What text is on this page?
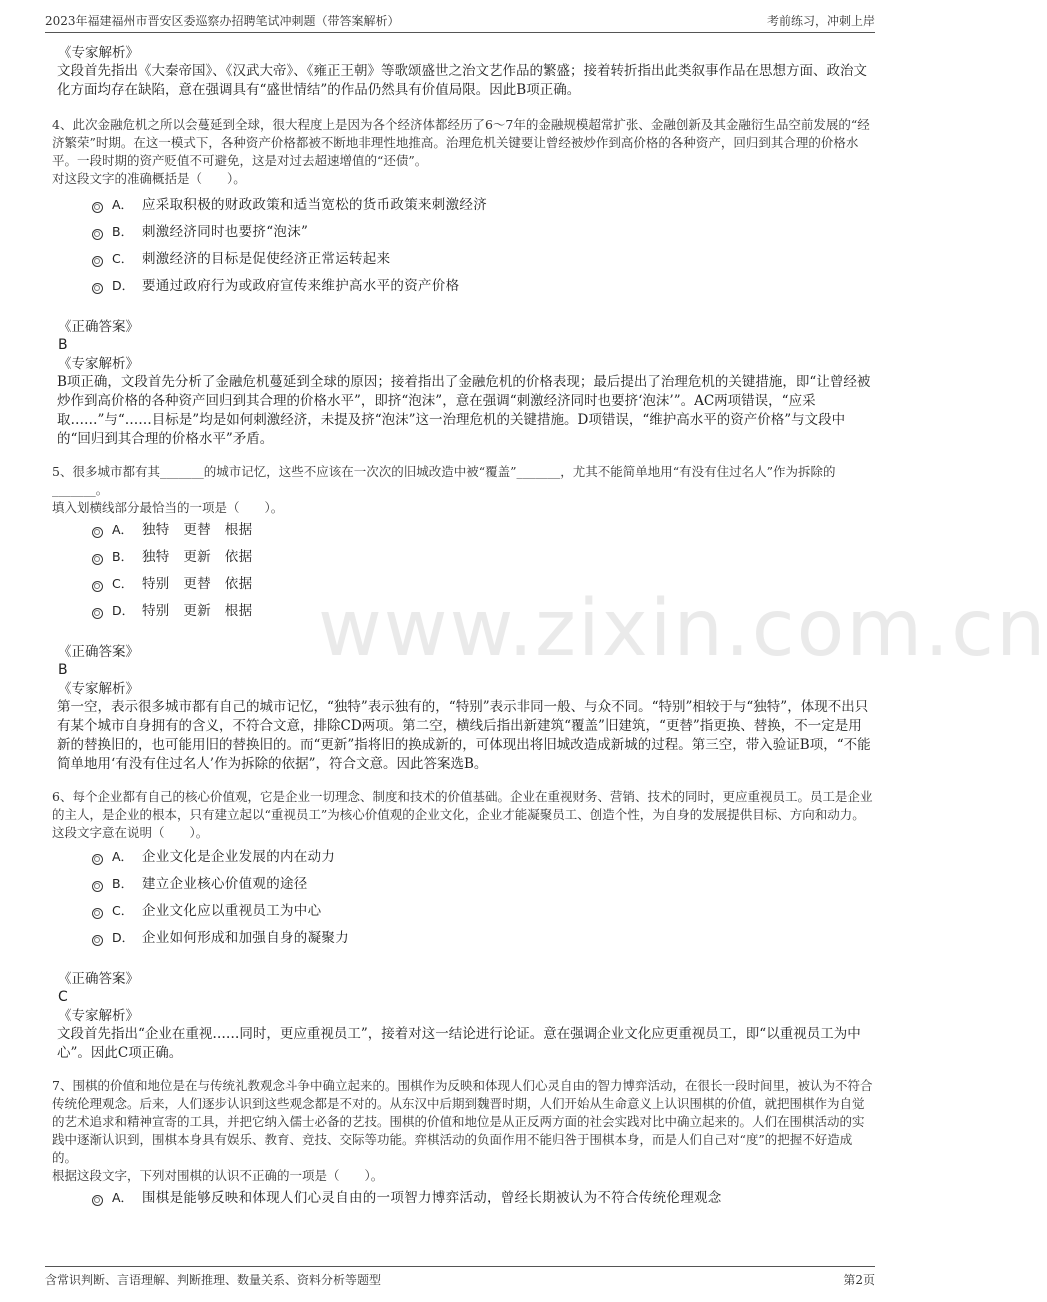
2023年福建福州市晋安区委巡察办招聘笔试冲刺题（带答案解析）	考前练习，冲刺上岸
www.zixin.com.cn
《专家解析》
文段首先指出《大秦帝国》、《汉武大帝》、《雍正王朝》等歌颂盛世之治文艺作品的繁盛；接着转折指出此类叙事作品在思想方面、政治文化方面均存在缺陷，意在强调具有“盛世情结”的作品仍然具有价值局限。因此B项正确。
4、此次金融危机之所以会蔓延到全球，很大程度上是因为各个经济体都经历了6～7年的金融规模超常扩张、金融创新及其金融衍生品空前发展的“经济繁荣”时期。在这一模式下，各种资产价格都被不断地非理性地推高。治理危机关键要让曾经被炒作到高价格的各种资产，回归到其合理的价格水平。一段时期的资产贬值不可避免，这是对过去超速增值的“还债”。
对这段文字的准确概括是（　　）。
A． 应采取积极的财政政策和适当宽松的货币政策来刺激经济
B． 刺激经济同时也要挤“泡沫”
C． 刺激经济的目标是促使经济正常运转起来
D． 要通过政府行为或政府宣传来维护高水平的资产价格
《正确答案》
B
《专家解析》
B项正确，文段首先分析了金融危机蔓延到全球的原因；接着指出了金融危机的价格表现；最后提出了治理危机的关键措施，即“让曾经被炒作到高价格的各种资产回归到其合理的价格水平”，即挤“泡沫”，意在强调“刺激经济同时也要挤‘泡沫’”。AC两项错误，“应采取……”与“……目标是”均是如何刺激经济，未提及挤“泡沫”这一治理危机的关键措施。D项错误，“维护高水平的资产价格”与文段中的“回归到其合理的价格水平”矛盾。
5、很多城市都有其_______的城市记忆，这些不应该在一次次的旧城改造中被“覆盖”_______，尤其不能简单地用“有没有住过名人”作为拆除的_______。
填入划横线部分最恰当的一项是（　　）。
A． 独特　更替　根据
B． 独特　更新　依据
C． 特别　更替　依据
D． 特别　更新　根据
《正确答案》
B
《专家解析》
第一空，表示很多城市都有自己的城市记忆，“独特”表示独有的，“特别”表示非同一般、与众不同。“特别”相较于与“独特”，体现不出只有某个城市自身拥有的含义，不符合文意，排除CD两项。第二空，横线后指出新建筑“覆盖”旧建筑，“更替”指更换、替换，不一定是用新的替换旧的，也可能用旧的替换旧的。而“更新”指将旧的换成新的，可体现出将旧城改造成新城的过程。第三空，带入验证B项，“不能简单地用‘有没有住过名人’作为拆除的依据”，符合文意。因此答案选B。
6、每个企业都有自己的核心价值观，它是企业一切理念、制度和技术的价值基础。企业在重视财务、营销、技术的同时，更应重视员工。员工是企业的主人，是企业的根本，只有建立起以“重视员工”为核心价值观的企业文化，企业才能凝聚员工、创造个性，为自身的发展提供目标、方向和动力。
这段文字意在说明（　　）。
A． 企业文化是企业发展的内在动力
B． 建立企业核心价值观的途径
C． 企业文化应以重视员工为中心
D． 企业如何形成和加强自身的凝聚力
《正确答案》
C
《专家解析》
文段首先指出“企业在重视……同时，更应重视员工”，接着对这一结论进行论证。意在强调企业文化应更重视员工，即“以重视员工为中心”。因此C项正确。
7、围棋的价值和地位是在与传统礼教观念斗争中确立起来的。围棋作为反映和体现人们心灵自由的智力博弈活动，在很长一段时间里，被认为不符合传统伦理观念。后来，人们逐步认识到这些观念都是不对的。从东汉中后期到魏晋时期，人们开始从生命意义上认识围棋的价值，就把围棋作为自觉的艺术追求和精神宣寄的工具，并把它纳入儒士必备的艺技。围棋的价值和地位是从正反两方面的社会实践对比中确立起来的。人们在围棋活动的实践中逐渐认识到，围棋本身具有娱乐、教育、竞技、交际等功能。弈棋活动的负面作用不能归咎于围棋本身，而是人们自己对“度”的把握不好造成的。
根据这段文字，下列对围棋的认识不正确的一项是（　　）。
A． 围棋是能够反映和体现人们心灵自由的一项智力博弈活动，曾经长期被认为不符合传统伦理观念
含常识判断、言语理解、判断推理、数量关系、资料分析等题型	第2页
